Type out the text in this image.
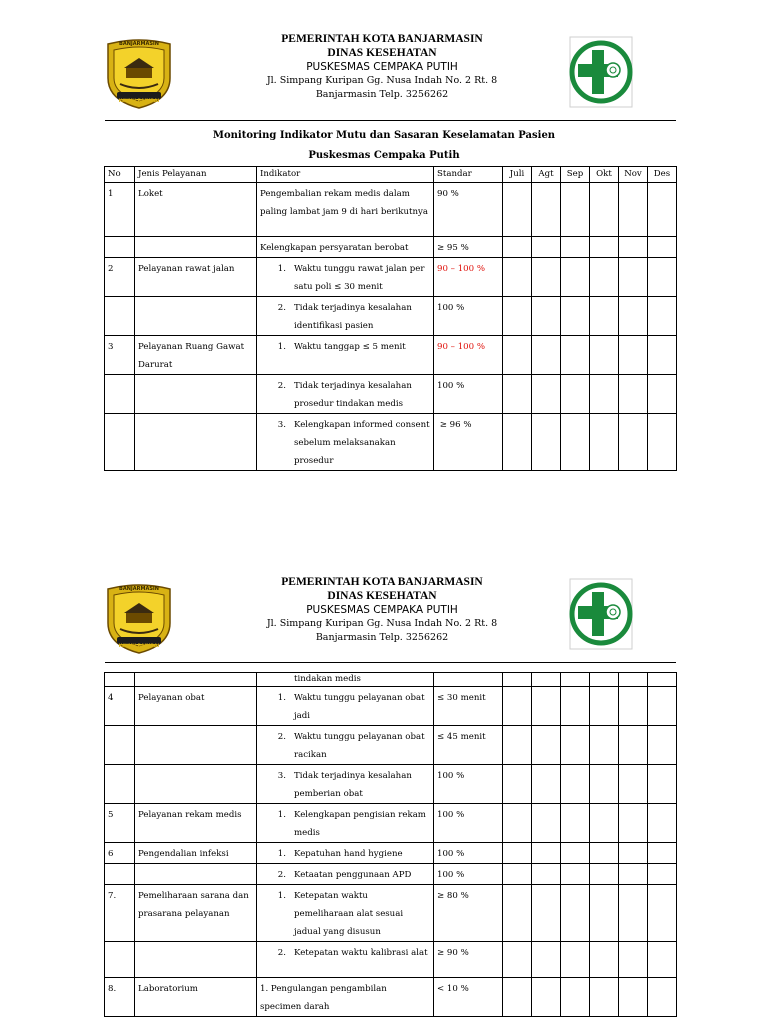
BANJARMASIN
KAYUH BAIMBAI
PEMERINTAH KOTA BANJARMASIN
DINAS KESEHATAN
PUSKESMAS CEMPAKA PUTIH
Jl. Simpang Kuripan Gg. Nusa Indah No. 2 Rt. 8
Banjarmasin Telp. 3256262
Monitoring Indikator Mutu dan Sasaran Keselamatan Pasien
Puskesmas Cempaka Putih
No	Jenis Pelayanan	Indikator	Standar	Juli	Agt	Sep	Okt	Nov	Des
1	Loket	Pengembalian rekam medis dalam paling lambat jam 9 di hari berikutnya	90 %						
		Kelengkapan persyaratan berobat	≥ 95 %						
2	Pelayanan rawat jalan	1. Waktu tunggu rawat jalan per satu poli ≤ 30 menit	90 – 100 %						

		2. Tidak terjadinya kesalahan identifikasi pasien	100 %						
3	Pelayanan Ruang Gawat Darurat	1. Waktu tanggap ≤ 5 menit	90 – 100 %						

		2. Tidak terjadinya kesalahan prosedur tindakan medis	100 %						

		3. Kelengkapan informed consent sebelum melaksanakan prosedur	≥ 96 %						
BANJARMASIN
KAYUH BAIMBAI
PEMERINTAH KOTA BANJARMASIN
DINAS KESEHATAN
PUSKESMAS CEMPAKA PUTIH
Jl. Simpang Kuripan Gg. Nusa Indah No. 2 Rt. 8
Banjarmasin Telp. 3256262

		tindakan medis							

4	Pelayanan obat	1. Waktu tunggu pelayanan obat jadi	≤ 30 menit						

		2. Waktu tunggu pelayanan obat racikan	≤ 45 menit						

		3. Tidak terjadinya kesalahan pemberian obat	100 %						
5	Pelayanan rekam medis	1. Kelengkapan pengisian rekam medis	100 %						
6	Pengendalian infeksi	1. Kepatuhan hand hygiene	100 %						

		2. Ketaatan penggunaan APD	100 %						
7.	Pemeliharaan sarana dan prasarana pelayanan	1. Ketepatan waktu pemeliharaan alat sesuai jadual yang disusun	≥ 80 %						

		2. Ketepatan waktu kalibrasi alat	≥ 90 %						
8.	Laboratorium	1. Pengulangan pengambilan specimen darah	< 10 %						
